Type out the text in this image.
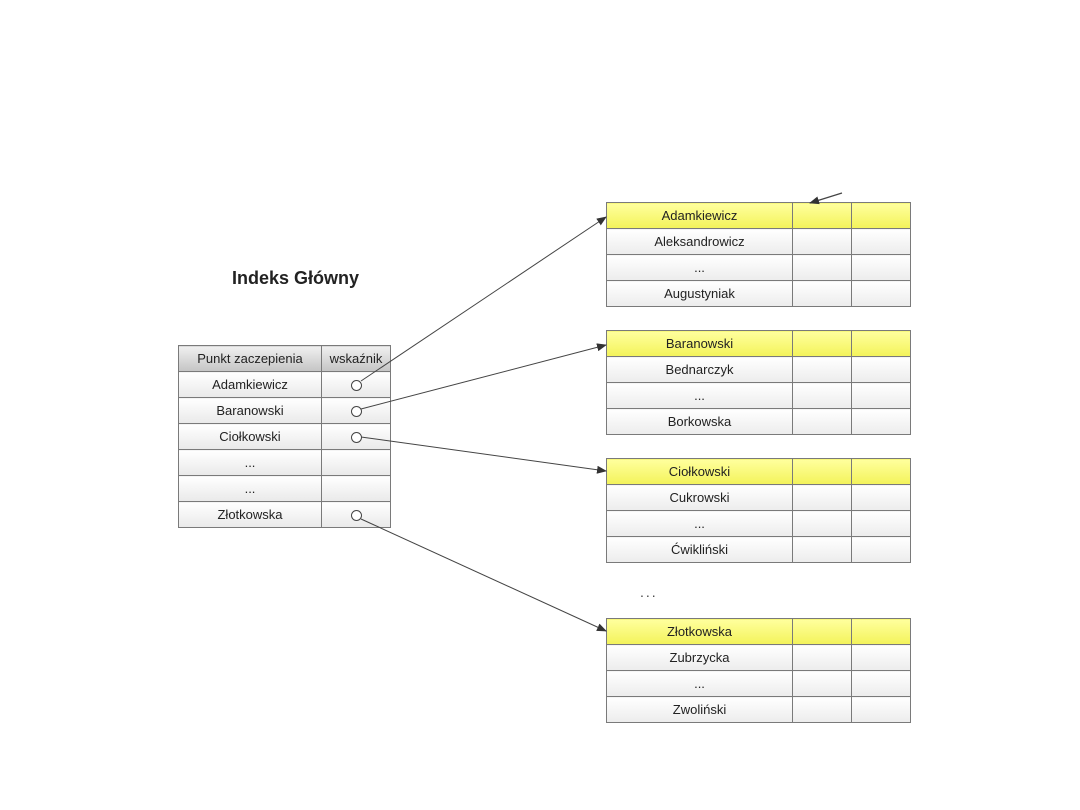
Indeks Główny
Punkt zaczepienia	wskaźnik
Adamkiewicz	
Baranowski	
Ciołkowski	
...	
...	
Złotkowska	
Adamkiewicz		
Aleksandrowicz		
...		
Augustyniak		
Baranowski		
Bednarczyk		
...		
Borkowska		
Ciołkowski		
Cukrowski		
...		
Ćwikliński		
...
Złotkowska		
Zubrzycka		
...		
Zwoliński		
